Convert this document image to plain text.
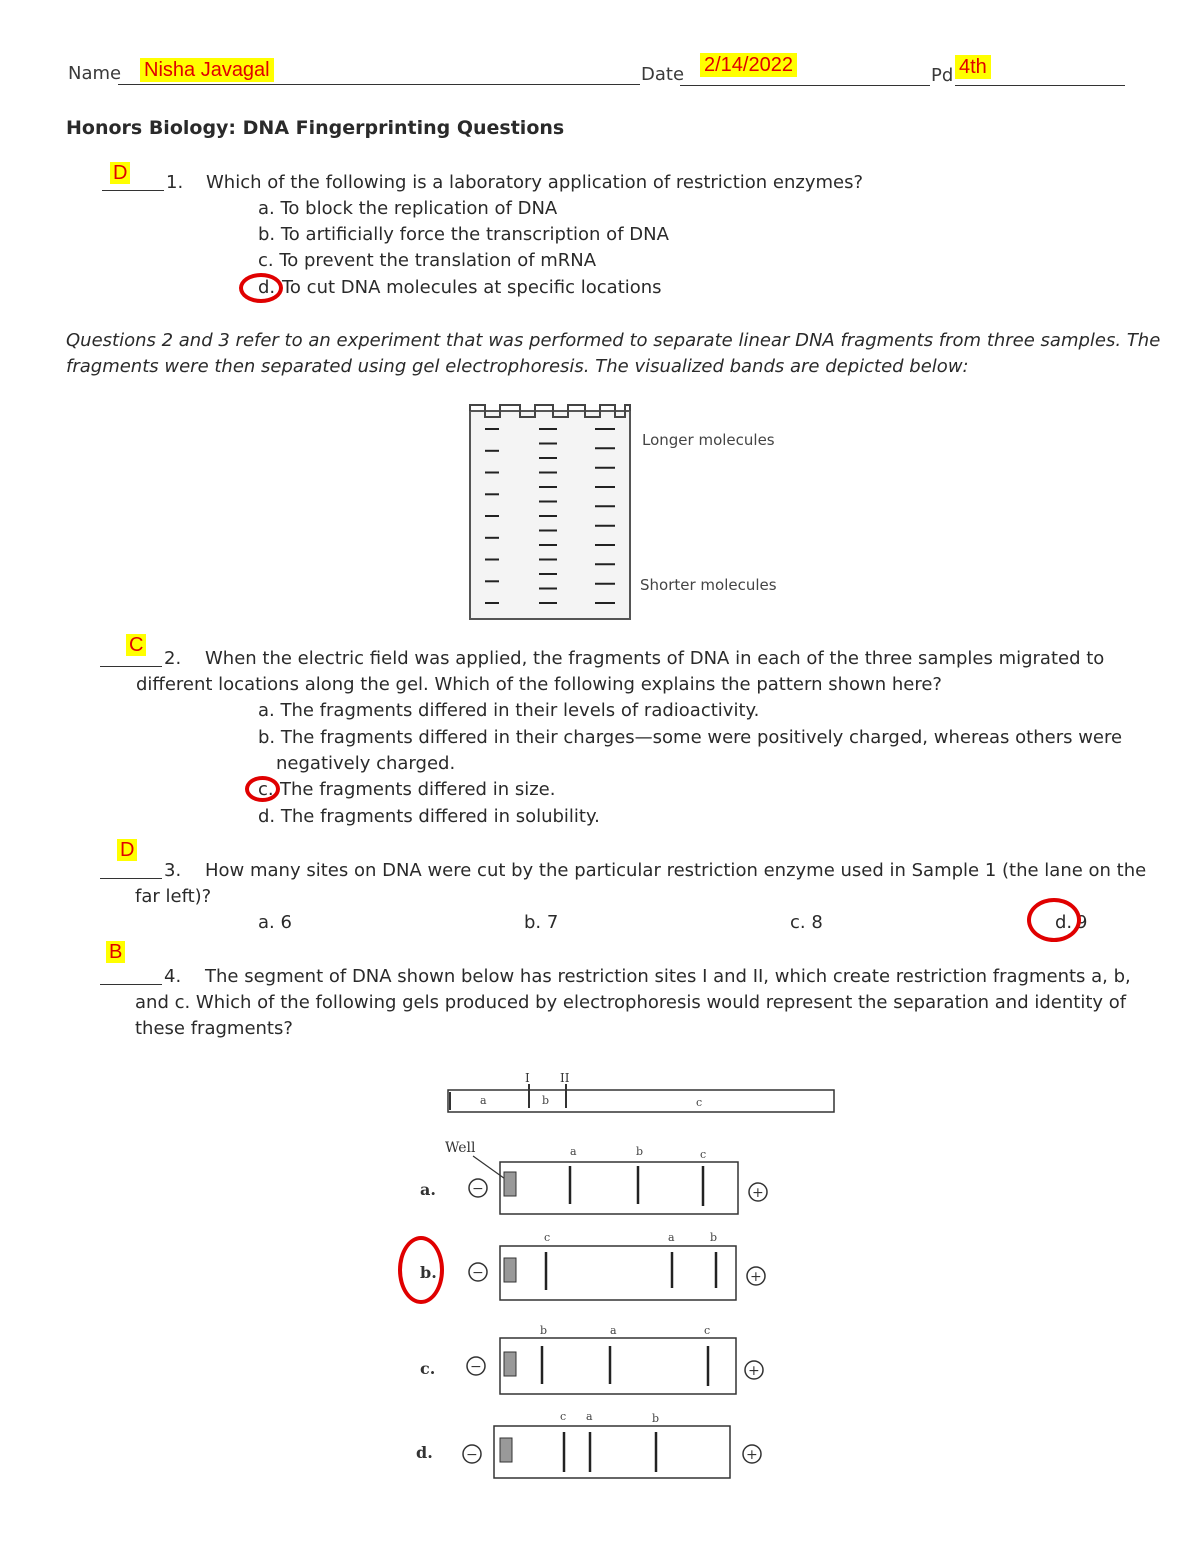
Name Nisha Javagal	Date 2/14/2022	Pd 4th
Honors Biology: DNA Fingerprinting Questions
D 1. Which of the following is a laboratory application of restriction enzymes?
a. To block the replication of DNA
b. To artificially force the transcription of DNA
c. To prevent the translation of mRNA
d. To cut DNA molecules at specific locations
Questions 2 and 3 refer to an experiment that was performed to separate linear DNA fragments from three samples. The
fragments were then separated using gel electrophoresis. The visualized bands are depicted below:
Longer molecules
Shorter molecules
C
2. When the electric field was applied, the fragments of DNA in each of the three samples migrated to
different locations along the gel. Which of the following explains the pattern shown here?
a. The fragments differed in their levels of radioactivity.
b. The fragments differed in their charges—some were positively charged, whereas others were
negatively charged.
c. The fragments differed in size.
d. The fragments differed in solubility.
D
3. How many sites on DNA were cut by the particular restriction enzyme used in Sample 1 (the lane on the
far left)?
a. 6	b. 7	c. 8	d. 9
B
4. The segment of DNA shown below has restriction sites I and II, which create restriction fragments a, b,
and c. Which of the following gels produced by electrophoresis would represent the separation and identity of
these fragments?
I	II
a	b	c
Well
a.	−
a	b	c
+
b.	−
c	a	b
+
c. −
b	a	c
+
d. −
c a	b
+
